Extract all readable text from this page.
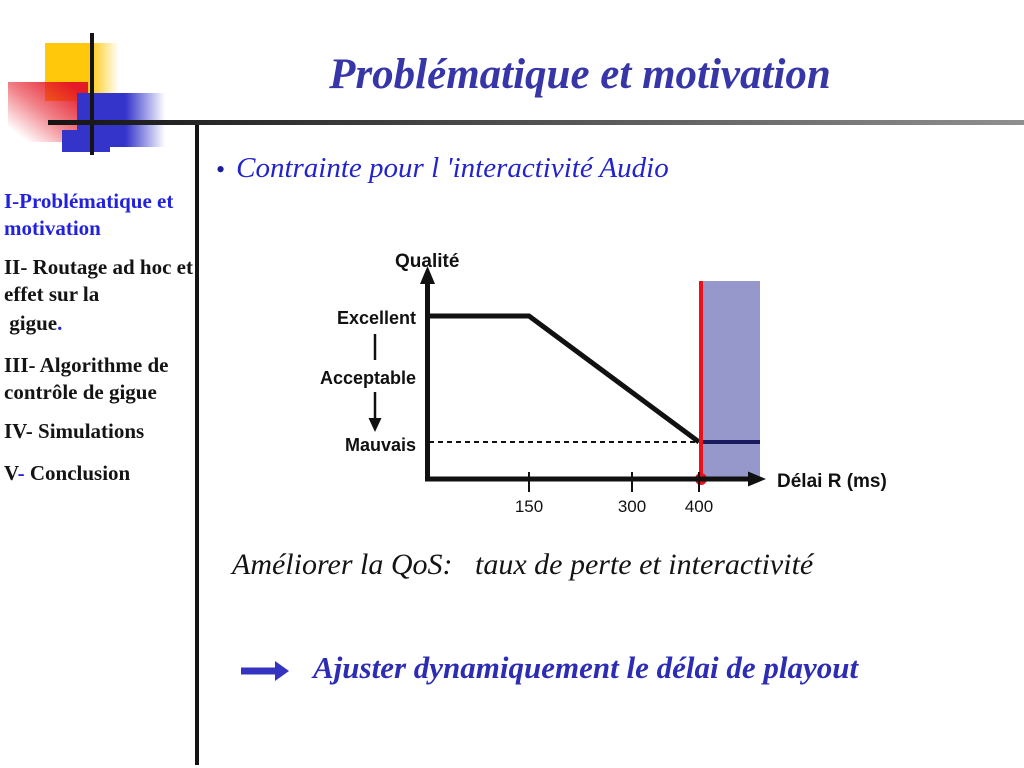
Problématique et motivation

I-Problématique et motivation

II- Routage ad hoc et effet sur la

gigue.

III- Algorithme de contrôle de gigue

IV- Simulations

V- Conclusion

• Contrainte pour l 'interactivité Audio
Qualité
Excellent
Acceptable
Mauvais
150	300 400
Délai R (ms)
Améliorer la QoS:   taux de perte et interactivité
Ajuster dynamiquement le délai de playout
